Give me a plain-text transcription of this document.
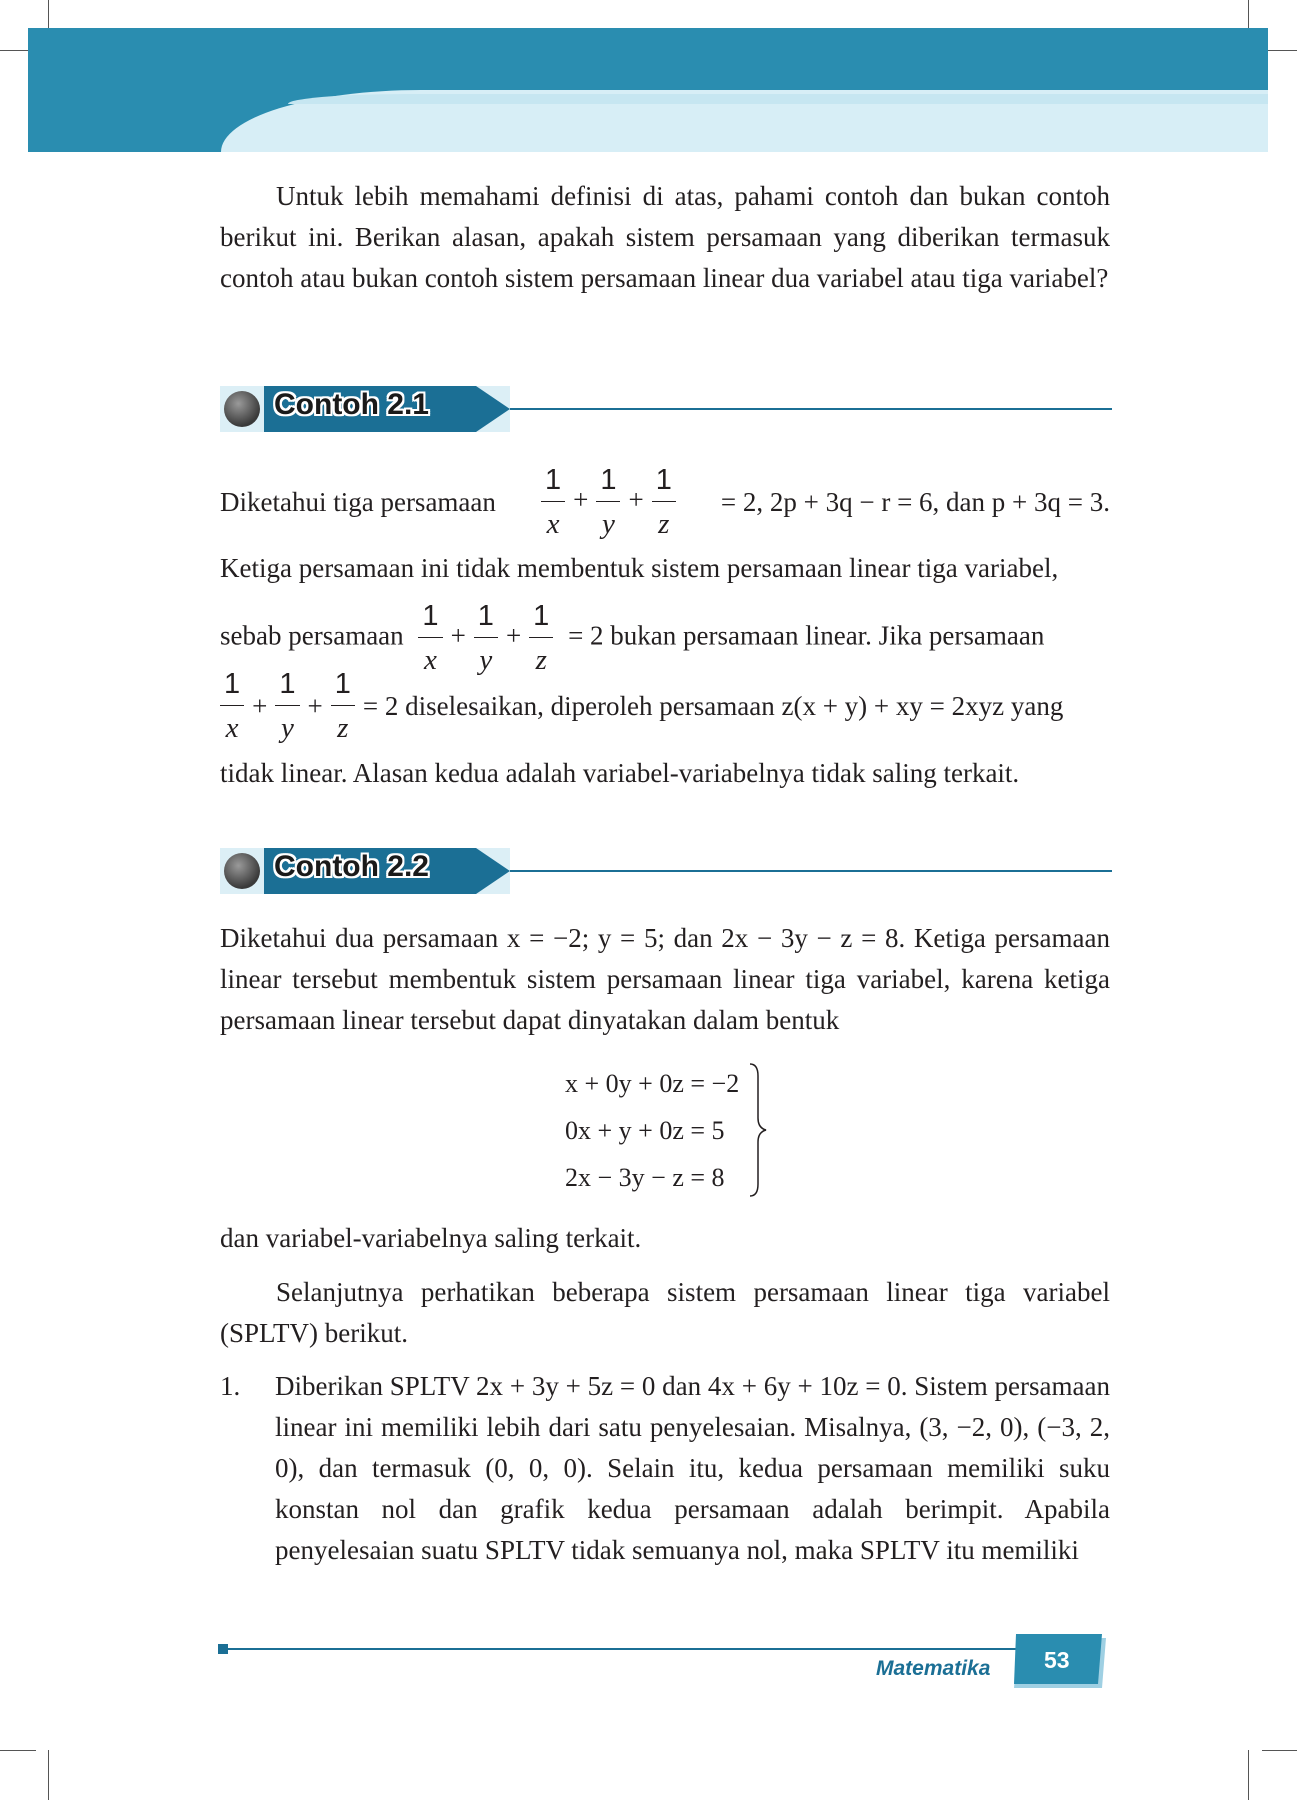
Untuk lebih memahami definisi di atas, pahami contoh dan bukan contoh berikut ini. Berikan alasan, apakah sistem persamaan yang diberikan termasuk contoh atau bukan contoh sistem persamaan linear dua variabel atau tiga variabel?
Contoh 2.1
Diketahui tiga persamaan $\frac{1}{x} + \frac{1}{y} + \frac{1}{z} = 2$, 2p + 3q − r = 6, dan p + 3q = 3.
Ketiga persamaan ini tidak membentuk sistem persamaan linear tiga variabel,
sebab persamaan $\frac{1}{x} + \frac{1}{y} + \frac{1}{z} = 2$ bukan persamaan linear. Jika persamaan
$\frac{1}{x} + \frac{1}{y} + \frac{1}{z} = 2$ diselesaikan, diperoleh persamaan z(x + y) + xy = 2xyz yang
tidak linear. Alasan kedua adalah variabel-variabelnya tidak saling terkait.
Contoh 2.2
Diketahui dua persamaan x = −2; y = 5; dan 2x − 3y − z = 8. Ketiga persamaan linear tersebut membentuk sistem persamaan linear tiga variabel, karena ketiga persamaan linear tersebut dapat dinyatakan dalam bentuk
x + 0y + 0z = −2
0x + y + 0z = 5
2x − 3y − z = 8
dan variabel-variabelnya saling terkait.
Selanjutnya perhatikan beberapa sistem persamaan linear tiga variabel (SPLTV) berikut.
1. Diberikan SPLTV 2x + 3y + 5z = 0 dan 4x + 6y + 10z = 0. Sistem persamaan linear ini memiliki lebih dari satu penyelesaian. Misalnya, (3, −2, 0), (−3, 2, 0), dan termasuk (0, 0, 0). Selain itu, kedua persamaan memiliki suku konstan nol dan grafik kedua persamaan adalah berimpit. Apabila penyelesaian suatu SPLTV tidak semuanya nol, maka SPLTV itu memiliki
Matematika 53
